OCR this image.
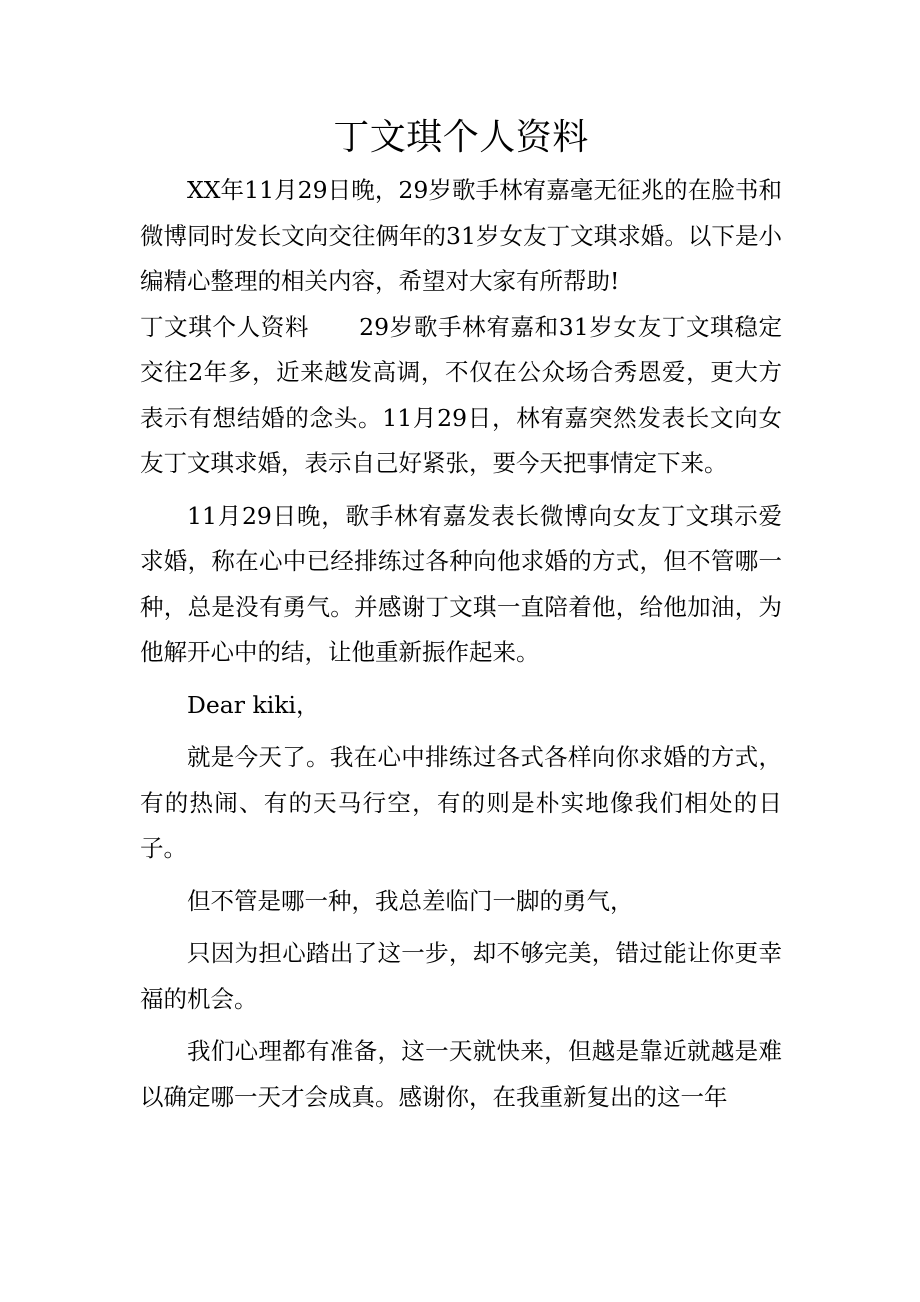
丁文琪个人资料

XX年11月29日晚，29岁歌手林宥嘉毫无征兆的在脸书和微博同时发长文向交往俩年的31岁女友丁文琪求婚。以下是小编精心整理的相关内容，希望对大家有所帮助!

丁文琪个人资料 29岁歌手林宥嘉和31岁女友丁文琪稳定交往2年多，近来越发高调，不仅在公众场合秀恩爱，更大方表示有想结婚的念头。11月29日，林宥嘉突然发表长文向女友丁文琪求婚，表示自己好紧张，要今天把事情定下来。

11月29日晚，歌手林宥嘉发表长微博向女友丁文琪示爱求婚，称在心中已经排练过各种向他求婚的方式，但不管哪一种，总是没有勇气。并感谢丁文琪一直陪着他，给他加油，为他解开心中的结，让他重新振作起来。

Dear kiki，

就是今天了。我在心中排练过各式各样向你求婚的方式，有的热闹、有的天马行空，有的则是朴实地像我们相处的日子。

但不管是哪一种，我总差临门一脚的勇气，

只因为担心踏出了这一步，却不够完美，错过能让你更幸福的机会。

我们心理都有准备，这一天就快来，但越是靠近就越是难以确定哪一天才会成真。感谢你，在我重新复出的这一年
